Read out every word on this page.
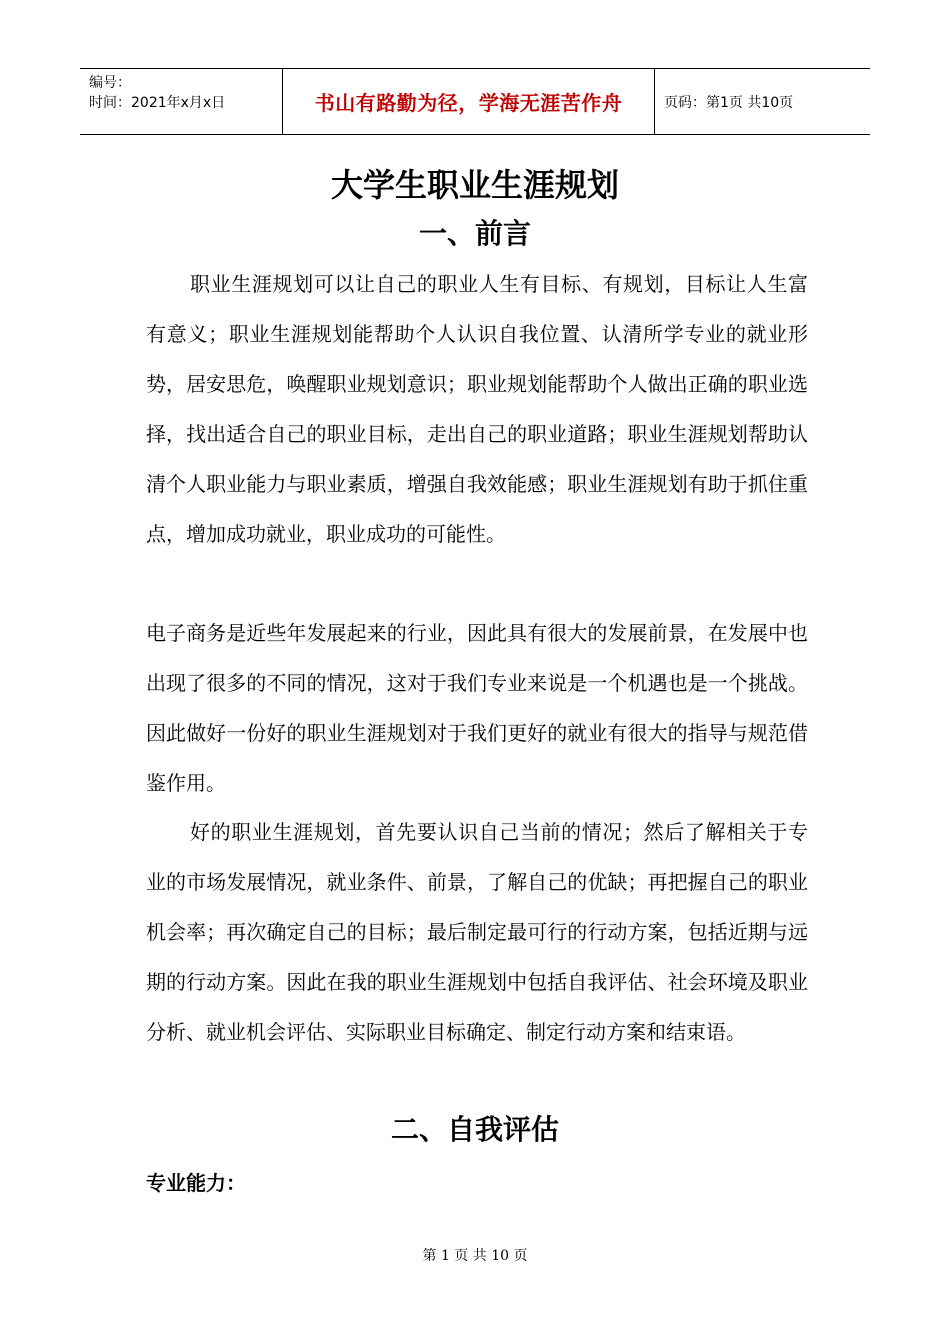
编号：
时间：2021年x月x日	书山有路勤为径，学海无涯苦作舟	页码：第1页 共10页
大学生职业生涯规划
一、前言

职业生涯规划可以让自己的职业人生有目标、有规划，目标让人生富有意义；职业生涯规划能帮助个人认识自我位置、认清所学专业的就业形势，居安思危，唤醒职业规划意识；职业规划能帮助个人做出正确的职业选择，找出适合自己的职业目标，走出自己的职业道路；职业生涯规划帮助认清个人职业能力与职业素质，增强自我效能感；职业生涯规划有助于抓住重点，增加成功就业，职业成功的可能性。

电子商务是近些年发展起来的行业，因此具有很大的发展前景，在发展中也出现了很多的不同的情况，这对于我们专业来说是一个机遇也是一个挑战。因此做好一份好的职业生涯规划对于我们更好的就业有很大的指导与规范借鉴作用。

好的职业生涯规划，首先要认识自己当前的情况；然后了解相关于专业的市场发展情况，就业条件、前景，了解自己的优缺；再把握自己的职业机会率；再次确定自己的目标；最后制定最可行的行动方案，包括近期与远期的行动方案。因此在我的职业生涯规划中包括自我评估、社会环境及职业分析、就业机会评估、实际职业目标确定、制定行动方案和结束语。

二、自我评估
专业能力：
第 1 页 共 10 页
